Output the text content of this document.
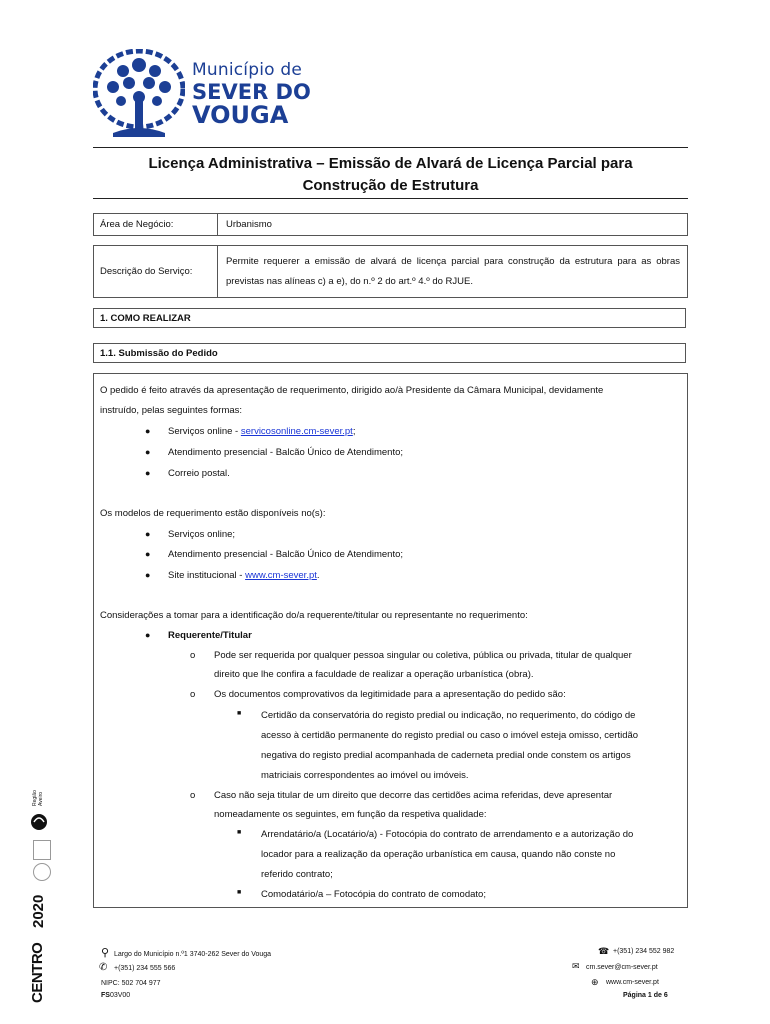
Município de
SEVER DO
VOUGA
Licença Administrativa – Emissão de Alvará de Licença Parcial para
Construção de Estrutura
Área de Negócio:	Urbanismo
Descrição do Serviço:
Permite requerer a emissão de alvará de licença parcial para construção da estrutura para as obras previstas nas alíneas c) a e), do n.º 2 do art.º 4.º do RJUE.
1. COMO REALIZAR
1.1. Submissão do Pedido
O pedido é feito através da apresentação de requerimento, dirigido ao/à Presidente da Câmara Municipal, devidamente
instruído, pelas seguintes formas:
● Serviços online - servicosonline.cm-sever.pt;
● Atendimento presencial - Balcão Único de Atendimento;
● Correio postal.
Os modelos de requerimento estão disponíveis no(s):
● Serviços online;
● Atendimento presencial - Balcão Único de Atendimento;
● Site institucional - www.cm-sever.pt.
Considerações a tomar para a identificação do/a requerente/titular ou representante no requerimento:
● Requerente/Titular
o Pode ser requerida por qualquer pessoa singular ou coletiva, pública ou privada, titular de qualquer
direito que lhe confira a faculdade de realizar a operação urbanística (obra).
o Os documentos comprovativos da legitimidade para a apresentação do pedido são:
■ Certidão da conservatória do registo predial ou indicação, no requerimento, do código de
acesso à certidão permanente do registo predial ou caso o imóvel esteja omisso, certidão
negativa do registo predial acompanhada de caderneta predial onde constem os artigos
matriciais correspondentes ao imóvel ou imóveis.
o Caso não seja titular de um direito que decorre das certidões acima referidas, deve apresentar
nomeadamente os seguintes, em função da respetiva qualidade:
■ Arrendatário/a (Locatário/a) - Fotocópia do contrato de arrendamento e a autorização do
locador para a realização da operação urbanística em causa, quando não conste no
referido contrato;
■ Comodatário/a – Fotocópia do contrato de comodato;
⚲ Largo do Município n.º1 3740-262 Sever do Vouga
✆ +(351) 234 555 566
NIPC: 502 704 977
FS03V00
☎ +(351) 234 552 982
✉ cm.sever@cm-sever.pt
⊕ www.cm-sever.pt
Página 1 de 6
Região Aveiro
2020
CENTRO
